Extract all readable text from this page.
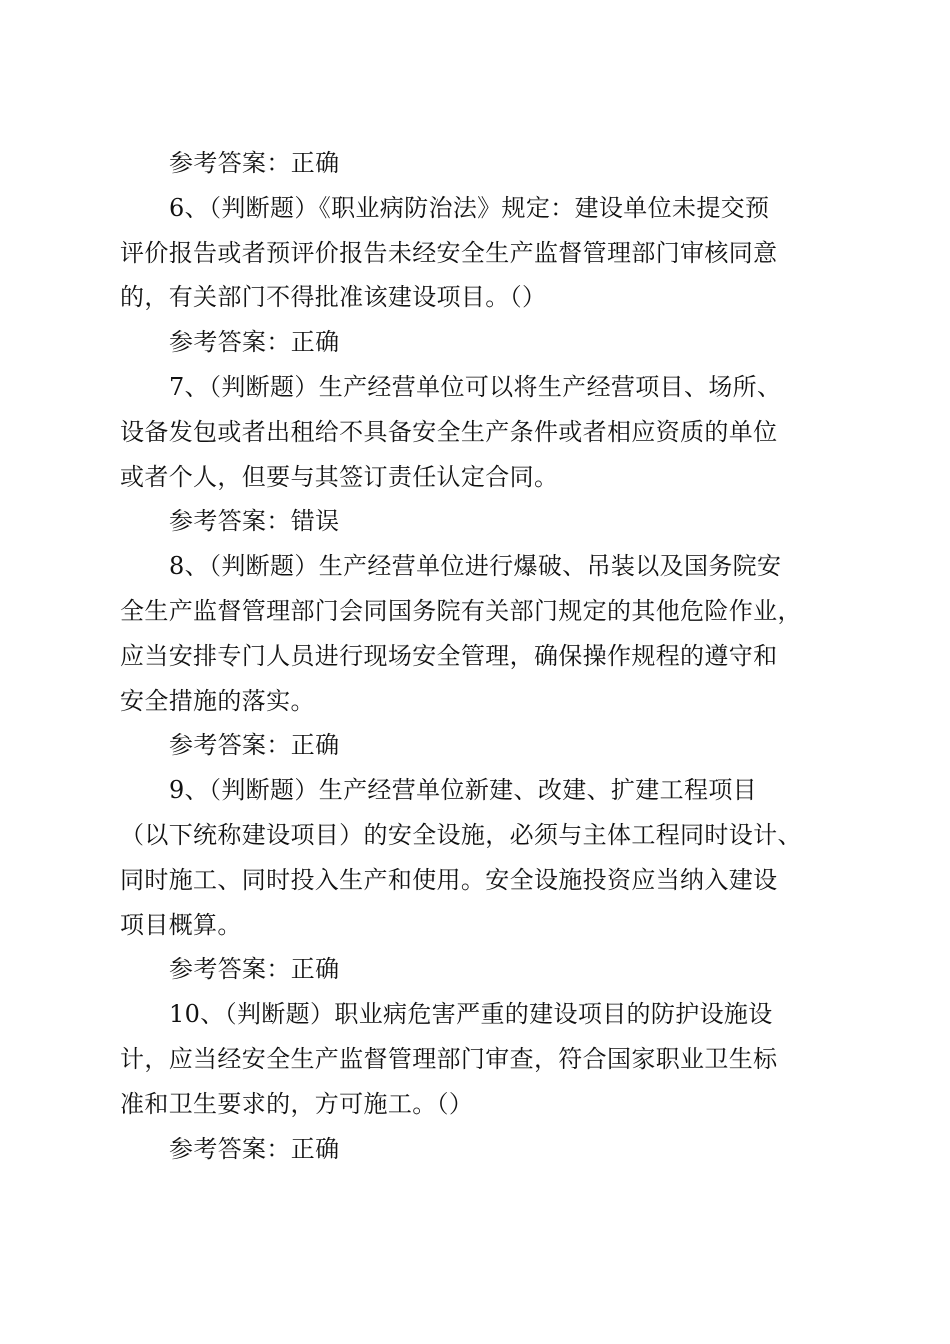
参考答案：正确
6、（判断题）《职业病防治法》规定：建设单位未提交预
评价报告或者预评价报告未经安全生产监督管理部门审核同意
的，有关部门不得批准该建设项目。（）
参考答案：正确
7、（判断题）生产经营单位可以将生产经营项目、场所、
设备发包或者出租给不具备安全生产条件或者相应资质的单位
或者个人，但要与其签订责任认定合同。
参考答案：错误
8、（判断题）生产经营单位进行爆破、吊装以及国务院安
全生产监督管理部门会同国务院有关部门规定的其他危险作业，
应当安排专门人员进行现场安全管理，确保操作规程的遵守和
安全措施的落实。
参考答案：正确
9、（判断题）生产经营单位新建、改建、扩建工程项目
（以下统称建设项目）的安全设施，必须与主体工程同时设计、
同时施工、同时投入生产和使用。安全设施投资应当纳入建设
项目概算。
参考答案：正确
10、（判断题）职业病危害严重的建设项目的防护设施设
计，应当经安全生产监督管理部门审查，符合国家职业卫生标
准和卫生要求的，方可施工。（）
参考答案：正确
